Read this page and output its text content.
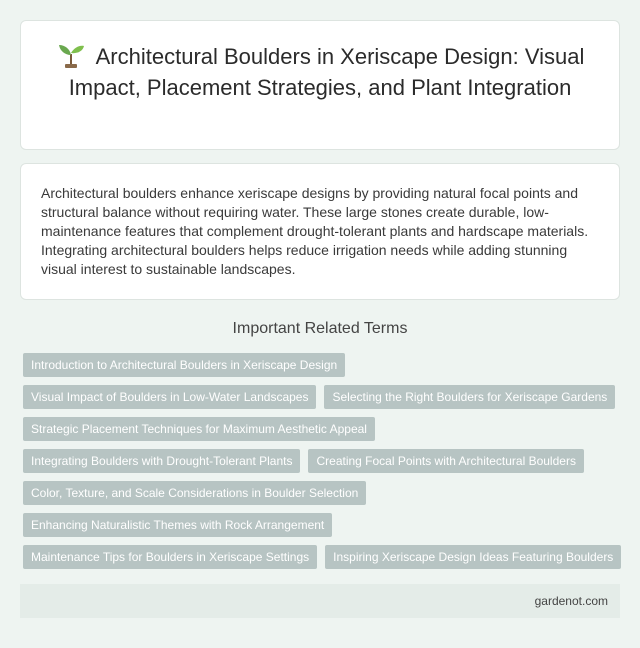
Architectural Boulders in Xeriscape Design: Visual Impact, Placement Strategies, and Plant Integration

Architectural boulders enhance xeriscape designs by providing natural focal points and structural balance without requiring water. These large stones create durable, low-maintenance features that complement drought-tolerant plants and hardscape materials. Integrating architectural boulders helps reduce irrigation needs while adding stunning visual interest to sustainable landscapes.

Important Related Terms
Introduction to Architectural Boulders in Xeriscape Design
Visual Impact of Boulders in Low-Water Landscapes	Selecting the Right Boulders for Xeriscape Gardens
Strategic Placement Techniques for Maximum Aesthetic Appeal
Integrating Boulders with Drought-Tolerant Plants	Creating Focal Points with Architectural Boulders
Color, Texture, and Scale Considerations in Boulder Selection
Enhancing Naturalistic Themes with Rock Arrangement
Maintenance Tips for Boulders in Xeriscape Settings	Inspiring Xeriscape Design Ideas Featuring Boulders
gardenot.com
